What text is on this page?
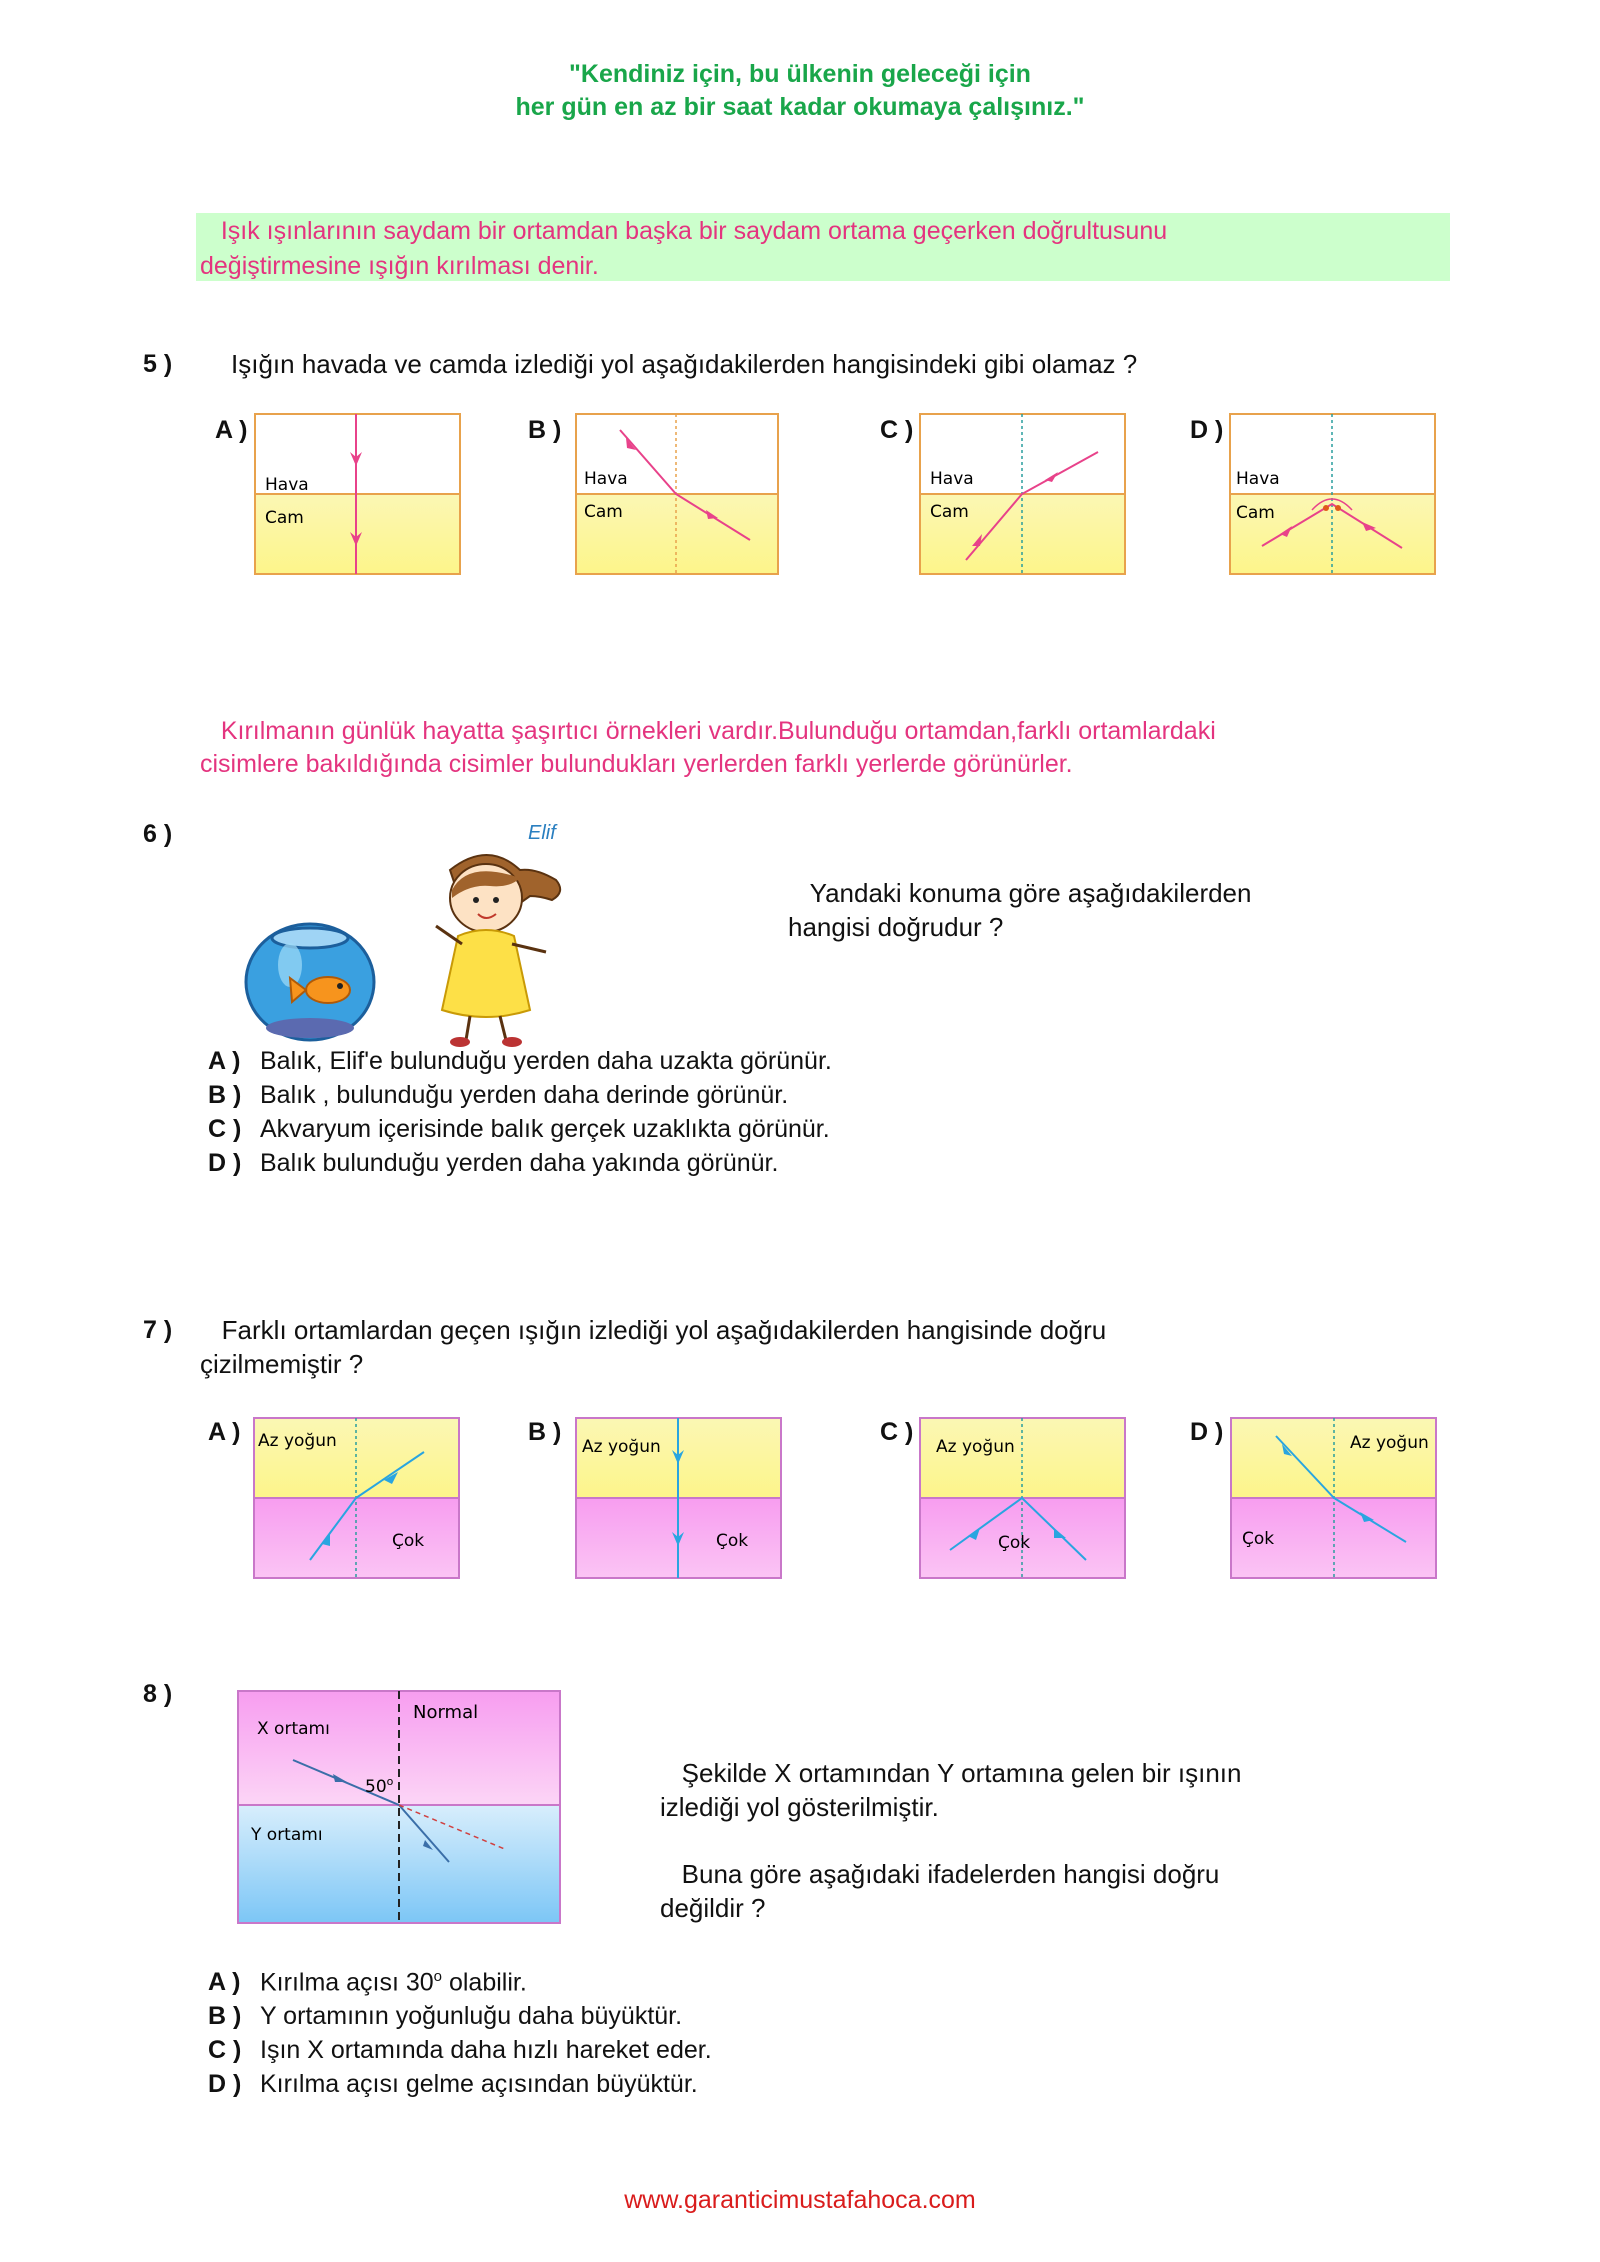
"Kendiniz için, bu ülkenin geleceği için
her gün en az bir saat kadar okumaya çalışınız."

Işık ışınlarının saydam bir ortamdan başka bir saydam ortama geçerken doğrultusunu

değiştirmesine ışığın kırılması denir.

5 ) Işığın havada ve camda izlediği yol aşağıdakilerden hangisindeki gibi olamaz ?
A )	B )	C )	D )
Hava
Cam
Hava
Cam
Hava
Cam
Hava
Cam

Kırılmanın günlük hayatta şaşırtıcı örnekleri vardır.Bulunduğu ortamdan,farklı ortamlardaki

cisimlere bakıldığında cisimler bulundukları yerlerden farklı yerlerde görünürler.

6 )	Elif
Yandaki konuma göre aşağıdakilerden
hangisi doğrudur ?
A ) Balık, Elif'e bulunduğu yerden daha uzakta görünür.
B ) Balık , bulunduğu yerden daha derinde görünür.
C ) Akvaryum içerisinde balık gerçek uzaklıkta görünür.
D ) Balık bulunduğu yerden daha yakında görünür.
7 )	Farklı ortamlardan geçen ışığın izlediği yol aşağıdakilerden hangisinde doğru
çizilmemiştir ?
A )	B )	C )	D )
Az yoğun
Çok
Az yoğun
Çok
Az yoğun
Çok
Az yoğun
Çok
8 )
X ortamı
Y ortamı
Normal
50$^o$	Şekilde X ortamından Y ortamına gelen bir ışının
izlediği yol gösterilmiştir.
Buna göre aşağıdaki ifadelerden hangisi doğru
değildir ?
A ) Kırılma açısı 30$^o$ olabilir.
B ) Y ortamının yoğunluğu daha büyüktür.
C ) Işın X ortamında daha hızlı hareket eder.
D ) Kırılma açısı gelme açısından büyüktür.
www.garanticimustafahoca.com
